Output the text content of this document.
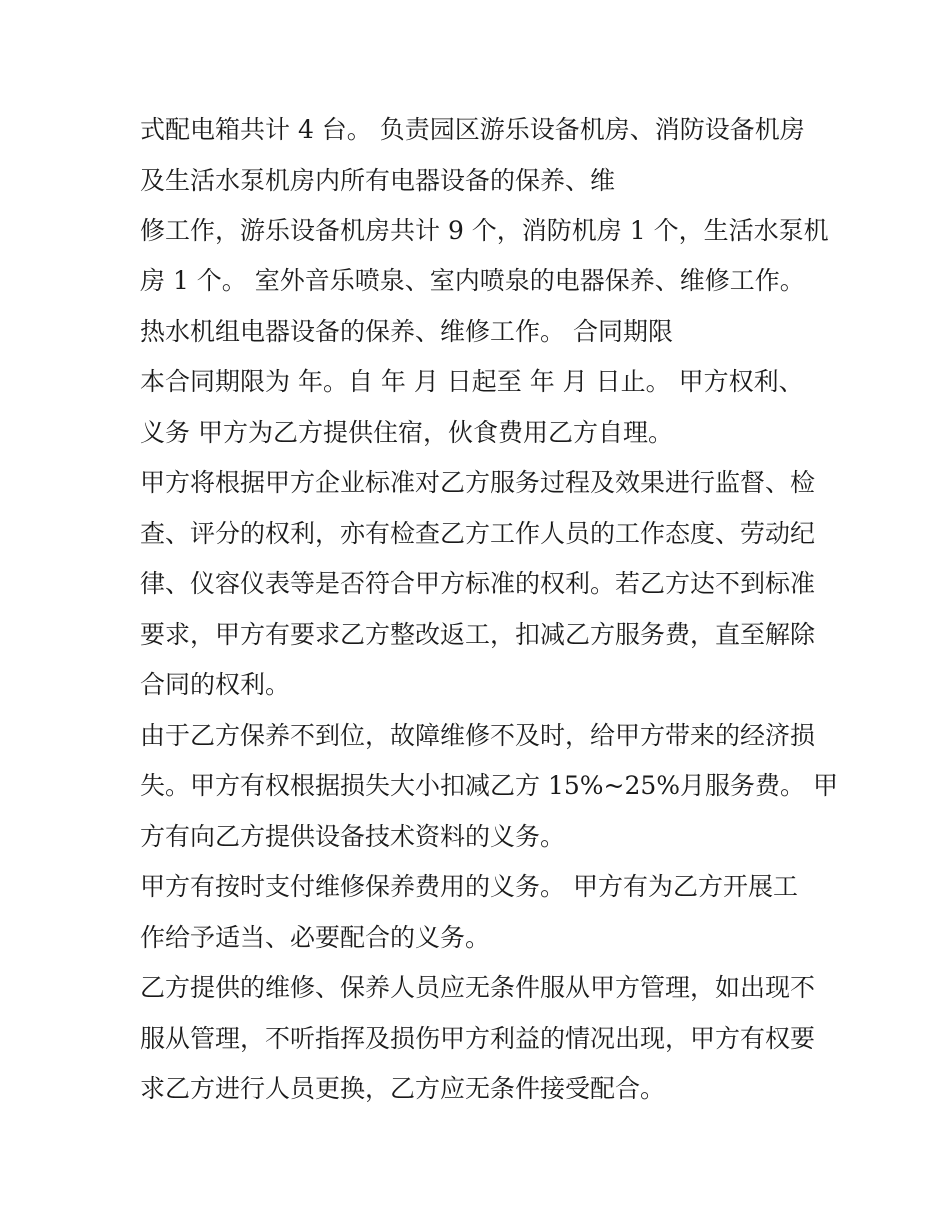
式配电箱共计 4 台。 负责园区游乐设备机房、消防设备机房
及生活水泵机房内所有电器设备的保养、维
修工作，游乐设备机房共计 9 个，消防机房 1 个，生活水泵机
房 1 个。 室外音乐喷泉、室内喷泉的电器保养、维修工作。
热水机组电器设备的保养、维修工作。 合同期限
本合同期限为 年。自 年 月 日起至 年 月 日止。 甲方权利、
义务 甲方为乙方提供住宿，伙食费用乙方自理。
甲方将根据甲方企业标准对乙方服务过程及效果进行监督、检
查、评分的权利，亦有检查乙方工作人员的工作态度、劳动纪
律、仪容仪表等是否符合甲方标准的权利。若乙方达不到标准
要求，甲方有要求乙方整改返工，扣减乙方服务费，直至解除
合同的权利。
由于乙方保养不到位，故障维修不及时，给甲方带来的经济损
失。甲方有权根据损失大小扣减乙方 15%~25%月服务费。 甲
方有向乙方提供设备技术资料的义务。
甲方有按时支付维修保养费用的义务。 甲方有为乙方开展工
作给予适当、必要配合的义务。
乙方提供的维修、保养人员应无条件服从甲方管理，如出现不
服从管理，不听指挥及损伤甲方利益的情况出现，甲方有权要
求乙方进行人员更换，乙方应无条件接受配合。
